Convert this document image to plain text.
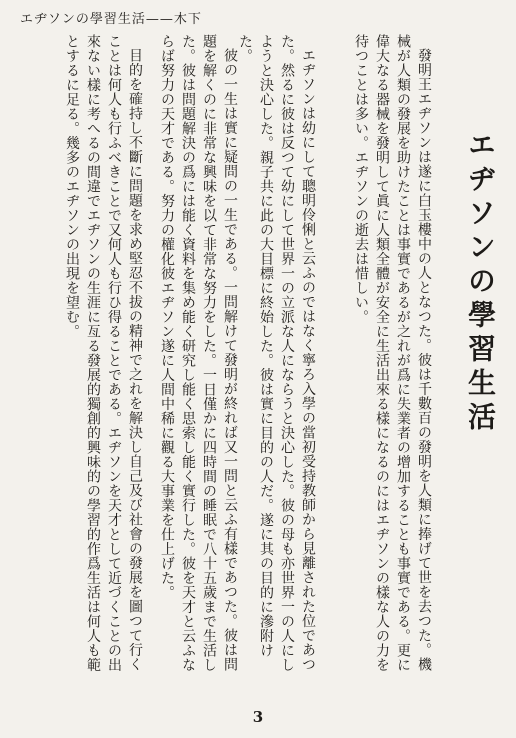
エヂソンの學習生活——木下
エヂソンの學習生活

發明王エヂソンは遂に白玉樓中の人となつた。彼は千數百の發明を人類に捧げて世を去つた。機械が人類の發展を助けたことは事實であるが之れが爲に失業者の增加することも事實である。更に偉大なる器械を發明して眞に人類全體が安全に生活出來る樣になるのにはエヂソンの樣な人の力を待つことは多い。エヂソンの逝去は惜しい。

エヂソンは幼にして聰明伶悧と云ふのではなく寧ろ入學の當初受持教師から見離された位であつた。然るに彼は反つて幼にして世界一の立派な人にならうと決心した。彼の母も亦世界一の人にしようと決心した。親子共に此の大目標に終始した。彼は實に目的の人だ。遂に其の目的に滲附けた。

彼の一生は實に疑問の一生である。一問解けて發明が終れば又一問と云ふ有樣であつた。彼は問題を解くのに非常な興味を以て非常な努力をした。一日僅かに四時間の睡眠で八十五歲まで生活した。彼は問題解決の爲には能く資料を集め能く研究し能く思索し能く實行した。彼を天才と云ふならば努力の天才である。努力の權化彼エヂソン遂に人間中稀に觀る大事業を仕上げた。

目的を確持し不斷に問題を求め堅忍不拔の精神で之れを解決し自己及び社會の發展を圖つて行くことは何人も行ふべきことで又何人も行ひ得ることである。エヂソンを天才として近づくことの出來ない樣に考へるの間違でエヂソンの生涯に亙る發展的獨創的興味的の學習的作爲生活は何人も範とするに足る。幾多のエヂソンの出現を望む。

3
